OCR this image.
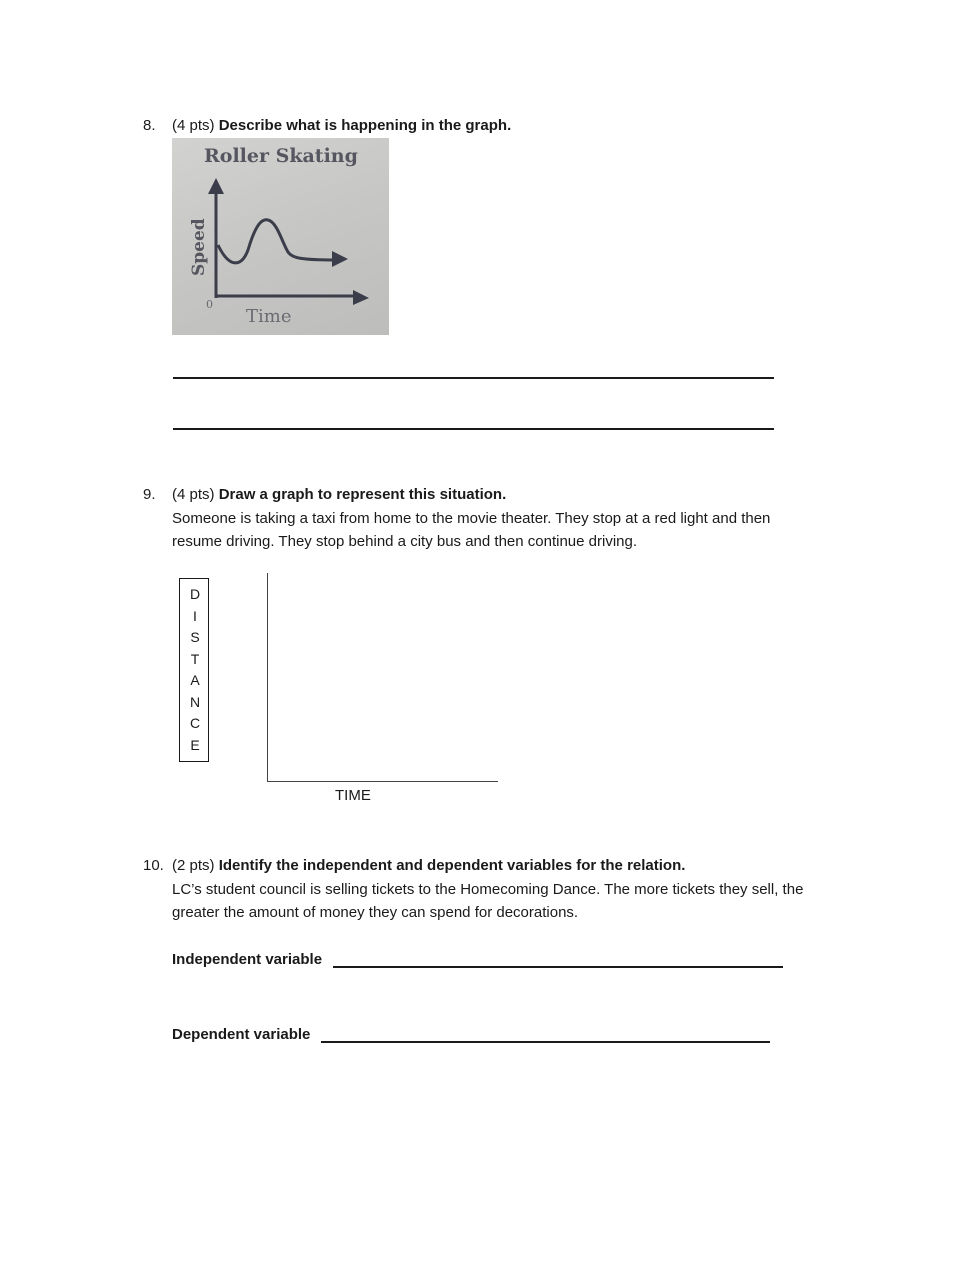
8. (4 pts) Describe what is happening in the graph.
Roller Skating
Speed
0
Time
9. (4 pts) Draw a graph to represent this situation.
Someone is taking a taxi from home to the movie theater. They stop at a red light and then
resume driving. They stop behind a city bus and then continue driving.
D
I
S
T
A
N
C
E
TIME
10. (2 pts) Identify the independent and dependent variables for the relation.
LC’s student council is selling tickets to the Homecoming Dance. The more tickets they sell, the
greater the amount of money they can spend for decorations.
Independent variable
Dependent variable
